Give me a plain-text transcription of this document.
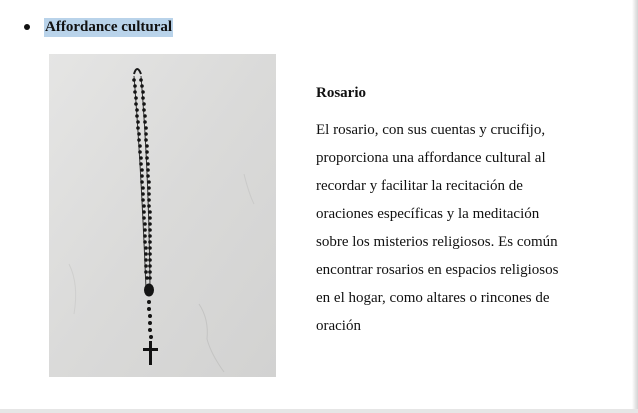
Affordance cultural

Rosario

El rosario, con sus cuentas y crucifijo,
proporciona una affordance cultural al
recordar y facilitar la recitación de
oraciones específicas y la meditación
sobre los misterios religiosos. Es común
encontrar rosarios en espacios religiosos
en el hogar, como altares o rincones de
oración
